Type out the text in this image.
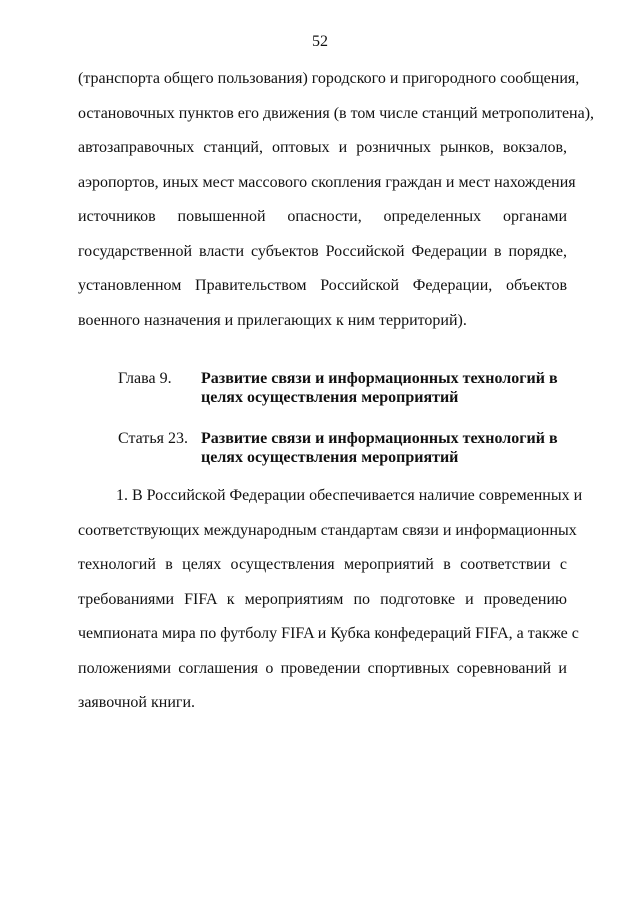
52
(транспорта общего пользования) городского и пригородного сообщения,
остановочных пунктов его движения (в том числе станций метрополитена),
автозаправочных станций, оптовых и розничных рынков, вокзалов,
аэропортов, иных мест массового скопления граждан и мест нахождения
источников повышенной опасности, определенных органами
государственной власти субъектов Российской Федерации в порядке,
установленном Правительством Российской Федерации, объектов
военного назначения и прилегающих к ним территорий).
Глава 9. Развитие связи и информационных технологий в
целях осуществления мероприятий
Статья 23. Развитие связи и информационных технологий в
целях осуществления мероприятий
1. В Российской Федерации обеспечивается наличие современных и
соответствующих международным стандартам связи и информационных
технологий в целях осуществления мероприятий в соответствии с
требованиями FIFA к мероприятиям по подготовке и проведению
чемпионата мира по футболу FIFA и Кубка конфедераций FIFA, а также с
положениями соглашения о проведении спортивных соревнований и
заявочной книги.
